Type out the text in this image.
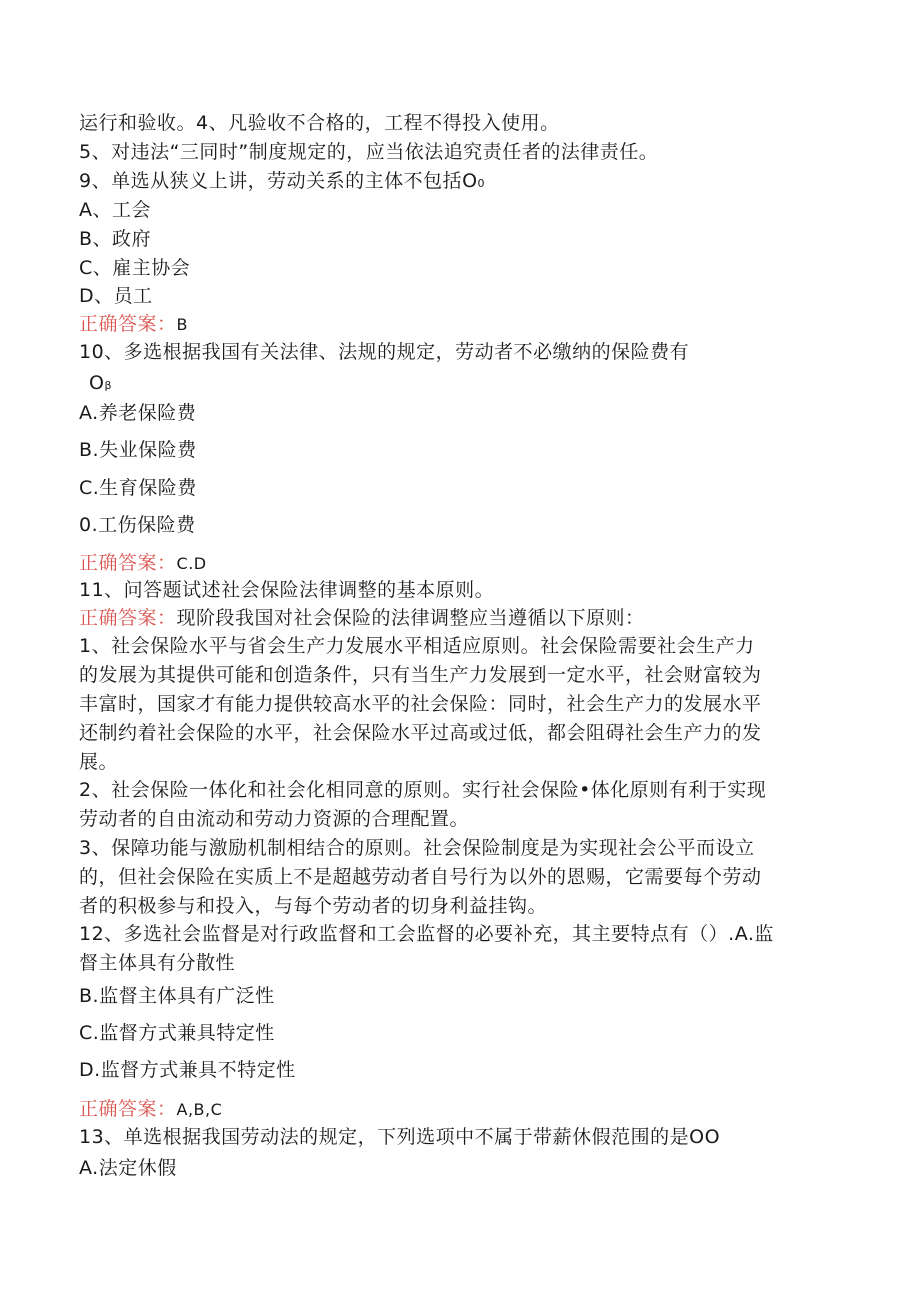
运行和验收。4、凡验收不合格的，工程不得投入使用。
5、对违法“三同时”制度规定的，应当依法追究责任者的法律责任。
9、单选从狭义上讲，劳动关系的主体不包括O0
A、工会
B、政府
C、雇主协会
D、员工
正确答案：B
10、多选根据我国有关法律、法规的规定，劳动者不必缴纳的保险费有
Oβ
A.养老保险费
B.失业保险费
C.生育保险费
0.工伤保险费
正确答案：C.D
11、问答题试述社会保险法律调整的基本原则。
正确答案：现阶段我国对社会保险的法律调整应当遵循以下原则：
1、社会保险水平与省会生产力发展水平相适应原则。社会保险需要社会生产力
的发展为其提供可能和创造条件，只有当生产力发展到一定水平，社会财富较为
丰富时，国家才有能力提供较高水平的社会保险：同时，社会生产力的发展水平
还制约着社会保险的水平，社会保险水平过高或过低，都会阻碍社会生产力的发
展。
2、社会保险一体化和社会化相同意的原则。实行社会保险•体化原则有利于实现
劳动者的自由流动和劳动力资源的合理配置。
3、保障功能与激励机制相结合的原则。社会保险制度是为实现社会公平而设立
的，但社会保险在实质上不是超越劳动者自号行为以外的恩赐，它需要每个劳动
者的积极参与和投入，与每个劳动者的切身利益挂钩。
12、多选社会监督是对行政监督和工会监督的必要补充，其主要特点有（）.A.监
督主体具有分散性
B.监督主体具有广泛性
C.监督方式兼具特定性
D.监督方式兼具不特定性
正确答案：A,B,C
13、单选根据我国劳动法的规定，下列选项中不属于带薪休假范围的是OO
A.法定休假
